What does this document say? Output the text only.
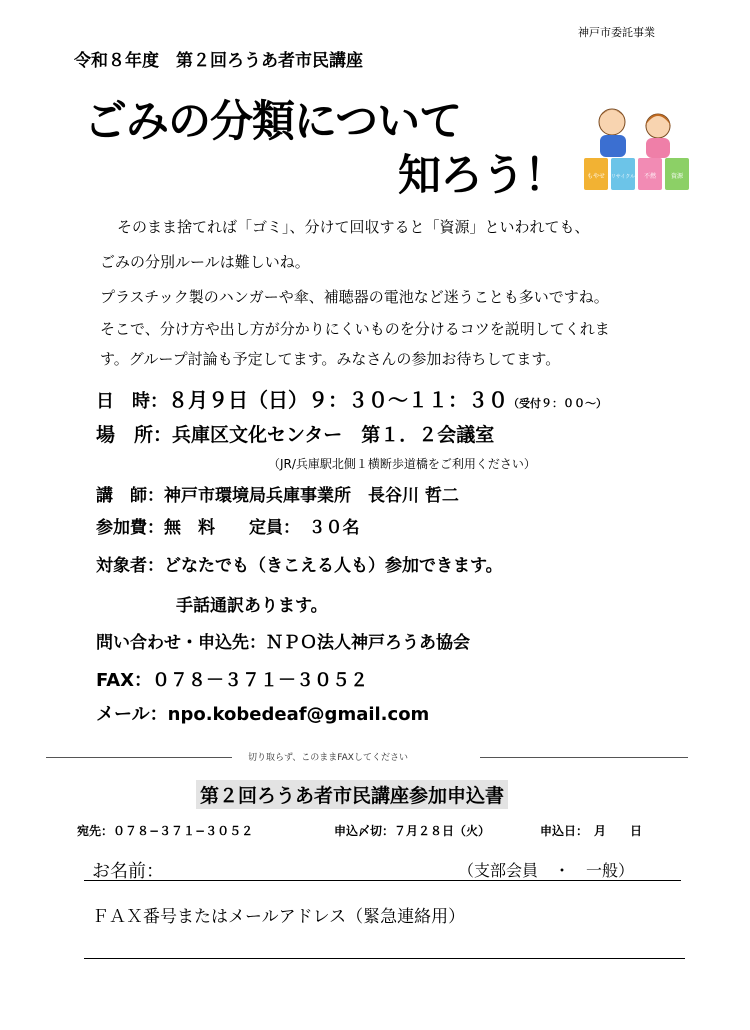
神戸市委託事業
令和８年度　第２回ろうあ者市民講座
ごみの分類について
知ろう！	もやせ リサイクル 不燃 資源
そのまま捨てれば「ゴミ」、分けて回収すると「資源」といわれても、
ごみの分別ルールは難しいね。
プラスチック製のハンガーや傘、補聴器の電池など迷うことも多いですね。
そこで、分け方や出し方が分かりにくいものを分けるコツを説明してくれま
す。グループ討論も予定してます。みなさんの参加お待ちしてます。
日　時：８月９日（日）９：３０〜１１：３０（受付９：００〜）
場　所：兵庫区文化センター　第１．２会議室
（JR/兵庫駅北側１横断歩道橋をご利用ください）
講　師：神戸市環境局兵庫事業所　長谷川 哲二
参加費：無　料　　定員：　３０名
対象者：どなたでも（きこえる人も）参加できます。
手話通訳あります。
問い合わせ・申込先：ＮＰＯ法人神戸ろうあ協会
FAX：０７８－３７１－３０５２
メール：npo.kobedeaf@gmail.com
切り取らず、このままFAXしてください
第２回ろうあ者市民講座参加申込書
宛先：０７８−３７１−３０５２	申込〆切：７月２８日（火）	申込日：　月　　日
お名前：	（支部会員　・　一般）
ＦＡＸ番号またはメールアドレス（緊急連絡用）
